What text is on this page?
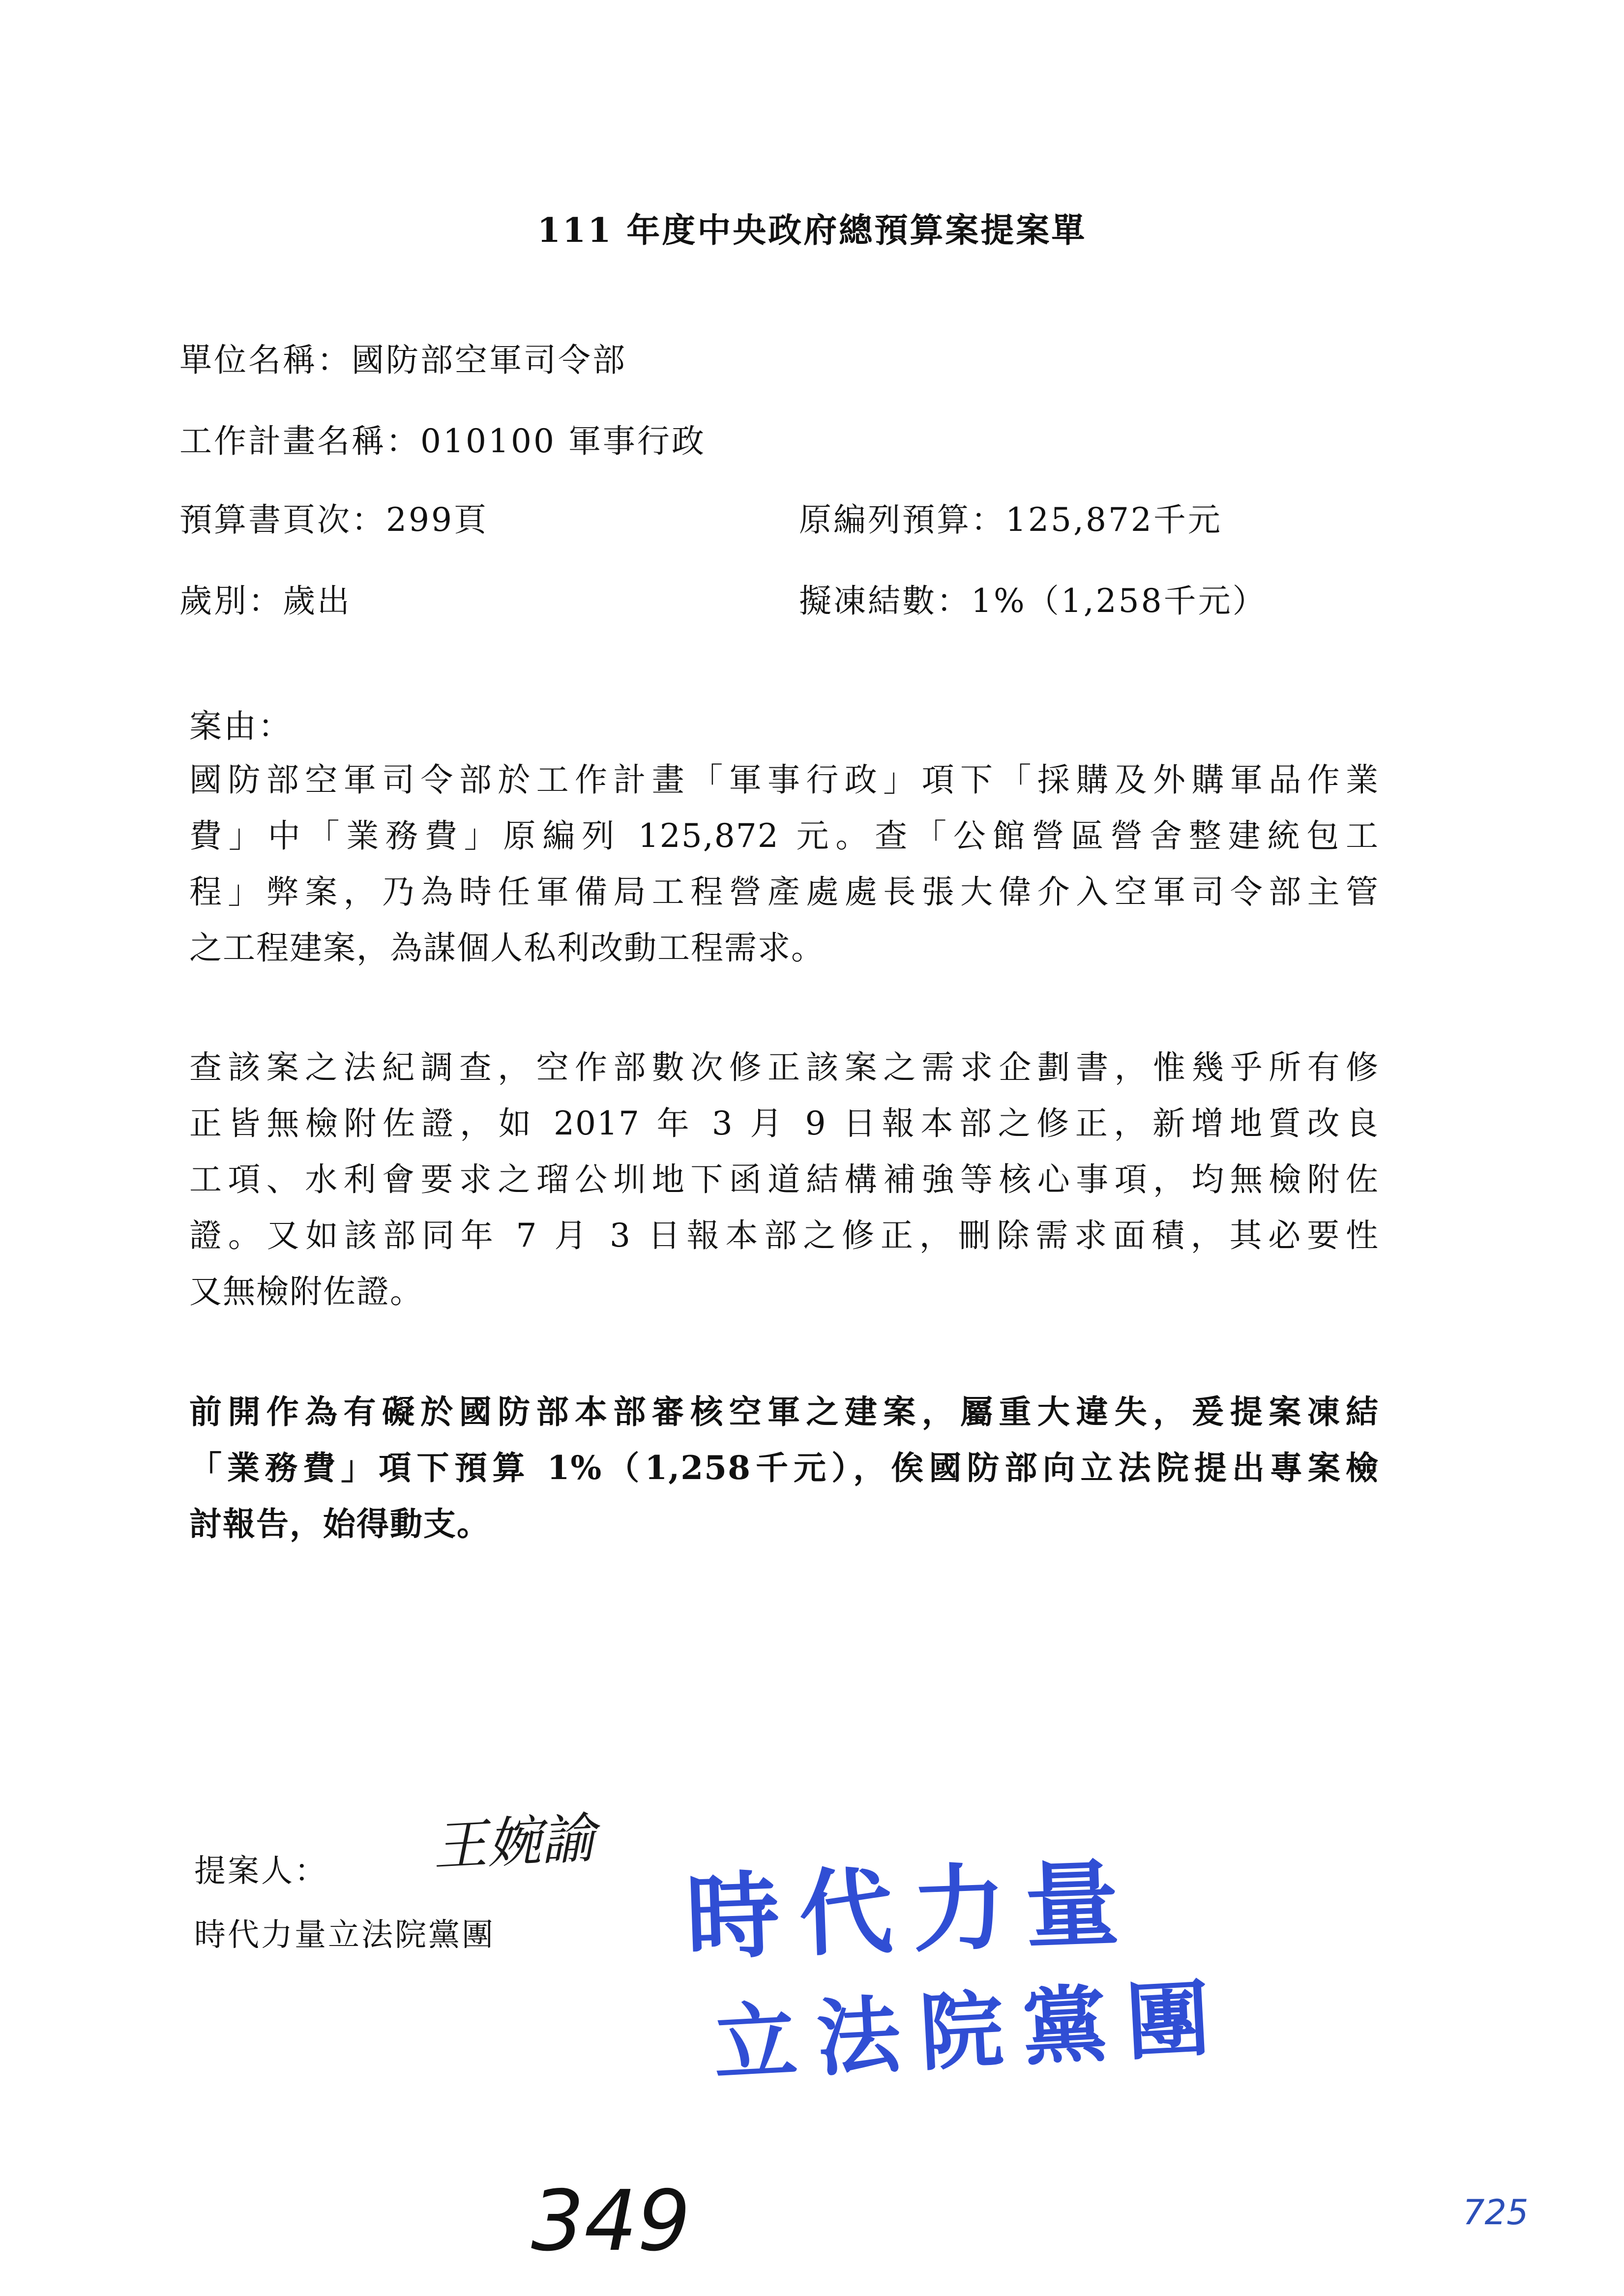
111 年度中央政府總預算案提案單
單位名稱：國防部空軍司令部
工作計畫名稱：010100 軍事行政
預算書頁次：299頁	原編列預算：125,872千元
歲別：歲出	擬凍結數：1%（1,258千元）
案由：
國防部空軍司令部於工作計畫「軍事行政」項下「採購及外購軍品作業
費」中「業務費」原編列 125,872 元。查「公館營區營舍整建統包工
程」弊案，乃為時任軍備局工程營產處處長張大偉介入空軍司令部主管
之工程建案，為謀個人私利改動工程需求。
查該案之法紀調查，空作部數次修正該案之需求企劃書，惟幾乎所有修
正皆無檢附佐證，如 2017 年 3 月 9 日報本部之修正，新增地質改良
工項、水利會要求之瑠公圳地下函道結構補強等核心事項，均無檢附佐
證。又如該部同年 7 月 3 日報本部之修正，刪除需求面積，其必要性
又無檢附佐證。
前開作為有礙於國防部本部審核空軍之建案，屬重大違失，爰提案凍結
「業務費」項下預算 1%（1,258千元），俟國防部向立法院提出專案檢
討報告，始得動支。
提案人： 王婉諭
時代力量立法院黨團 時代力量
立法院黨團
349	725
